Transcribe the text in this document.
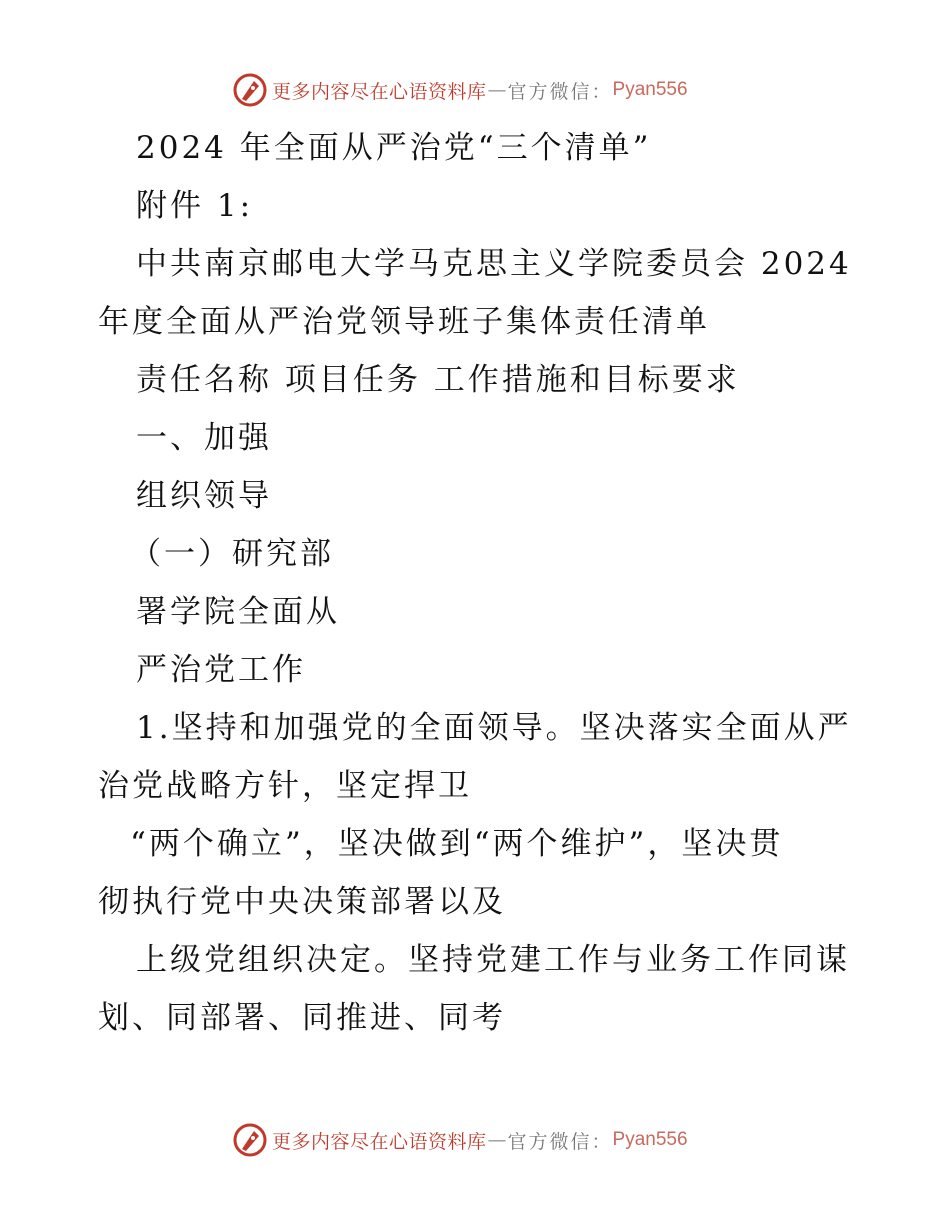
更多内容尽在心语资料库 — 官方微信： Pyan556
2024 年全面从严治党“三个清单”
附件 1:
中共南京邮电大学马克思主义学院委员会 2024
年度全面从严治党领导班子集体责任清单
责任名称 项目任务 工作措施和目标要求
一、加强
组织领导
（一）研究部
署学院全面从
严治党工作
1.坚持和加强党的全面领导。坚决落实全面从严
治党战略方针，坚定捍卫
“两个确立”，坚决做到“两个维护”，坚决贯
彻执行党中央决策部署以及
上级党组织决定。坚持党建工作与业务工作同谋
划、同部署、同推进、同考
更多内容尽在心语资料库 — 官方微信： Pyan556
